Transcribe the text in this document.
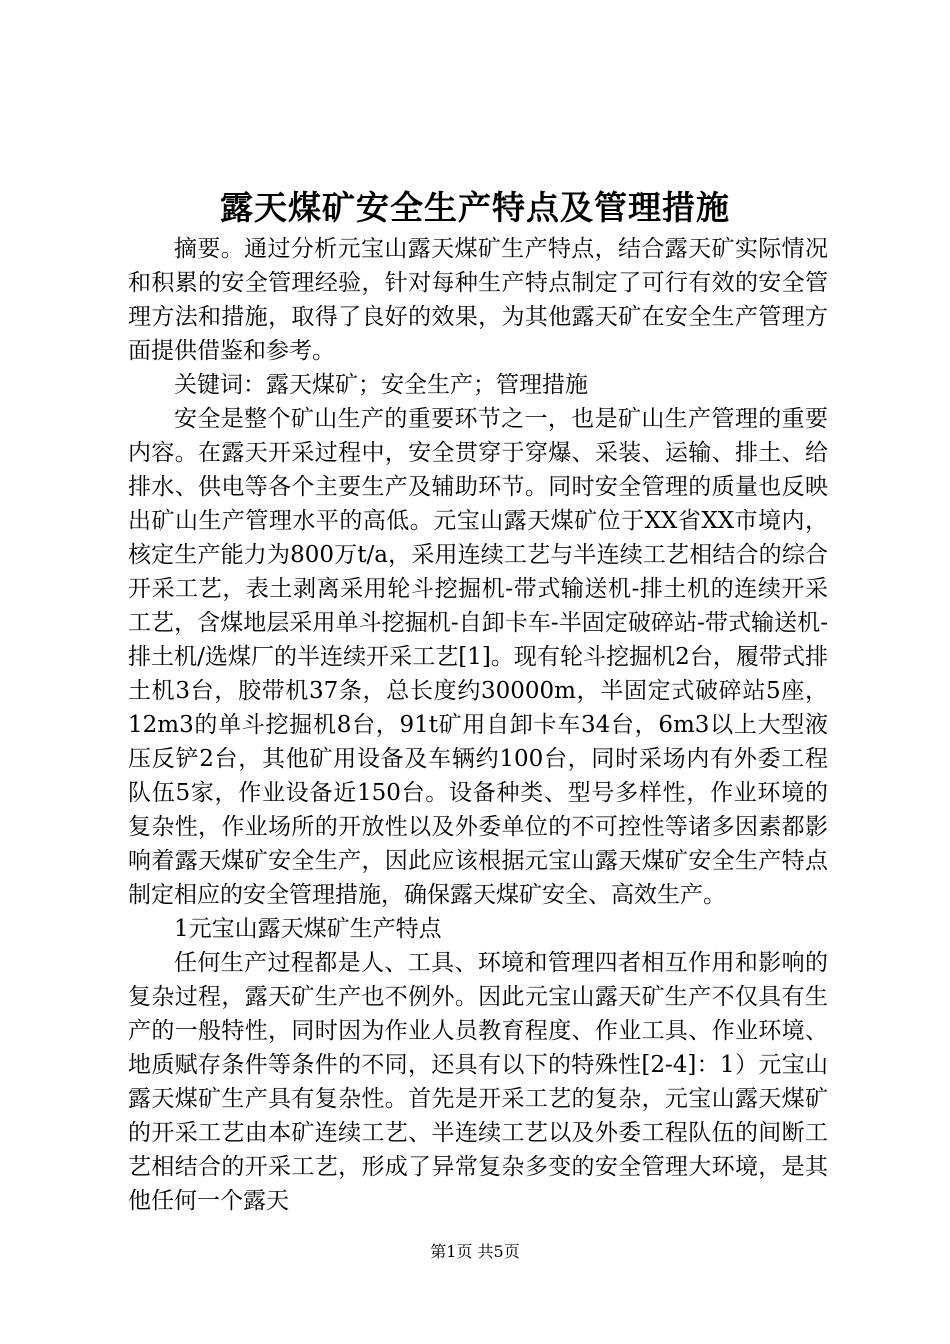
露天煤矿安全生产特点及管理措施

摘要。通过分析元宝山露天煤矿生产特点，结合露天矿实际情况和积累的安全管理经验，针对每种生产特点制定了可行有效的安全管理方法和措施，取得了良好的效果，为其他露天矿在安全生产管理方面提供借鉴和参考。

关键词：露天煤矿；安全生产；管理措施

安全是整个矿山生产的重要环节之一，也是矿山生产管理的重要内容。在露天开采过程中，安全贯穿于穿爆、采装、运输、排土、给排水、供电等各个主要生产及辅助环节。同时安全管理的质量也反映出矿山生产管理水平的高低。元宝山露天煤矿位于XX省XX市境内，核定生产能力为800万t/a，采用连续工艺与半连续工艺相结合的综合开采工艺，表土剥离采用轮斗挖掘机-带式输送机-排土机的连续开采工艺，含煤地层采用单斗挖掘机-自卸卡车-半固定破碎站-带式输送机-排土机/选煤厂的半连续开采工艺[1]。现有轮斗挖掘机2台，履带式排土机3台，胶带机37条，总长度约30000m，半固定式破碎站5座，12m3的单斗挖掘机8台，91t矿用自卸卡车34台，6m3以上大型液压反铲2台，其他矿用设备及车辆约100台，同时采场内有外委工程队伍5家，作业设备近150台。设备种类、型号多样性，作业环境的复杂性，作业场所的开放性以及外委单位的不可控性等诸多因素都影响着露天煤矿安全生产，因此应该根据元宝山露天煤矿安全生产特点制定相应的安全管理措施，确保露天煤矿安全、高效生产。

1元宝山露天煤矿生产特点

任何生产过程都是人、工具、环境和管理四者相互作用和影响的复杂过程，露天矿生产也不例外。因此元宝山露天矿生产不仅具有生产的一般特性，同时因为作业人员教育程度、作业工具、作业环境、地质赋存条件等条件的不同，还具有以下的特殊性[2-4]：1）元宝山露天煤矿生产具有复杂性。首先是开采工艺的复杂，元宝山露天煤矿的开采工艺由本矿连续工艺、半连续工艺以及外委工程队伍的间断工艺相结合的开采工艺，形成了异常复杂多变的安全管理大环境，是其他任何一个露天

第1页 共5页
